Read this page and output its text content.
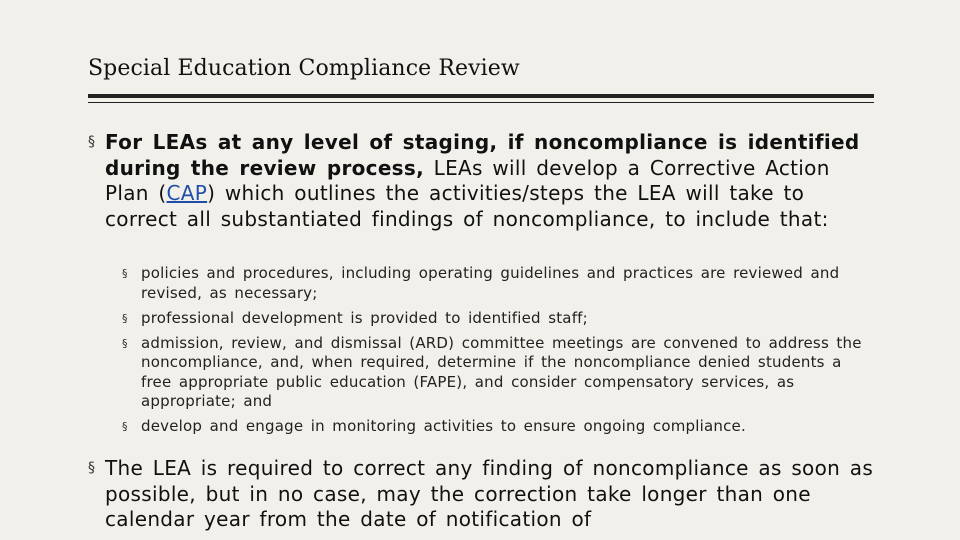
Special Education Compliance Review
§ For LEAs at any level of staging, if noncompliance is identified during the review process, LEAs will develop a Corrective Action Plan (CAP) which outlines the activities/steps the LEA will take to correct all substantiated findings of noncompliance, to include that:
§ policies and procedures, including operating guidelines and practices are reviewed and revised, as necessary;
§ professional development is provided to identified staff;
§ admission, review, and dismissal (ARD) committee meetings are convened to address the noncompliance, and, when required, determine if the noncompliance denied students a free appropriate public education (FAPE), and consider compensatory services, as appropriate; and
§ develop and engage in monitoring activities to ensure ongoing compliance.
§ The LEA is required to correct any finding of noncompliance as soon as possible, but in no case, may the correction take longer than one calendar year from the date of notification of
